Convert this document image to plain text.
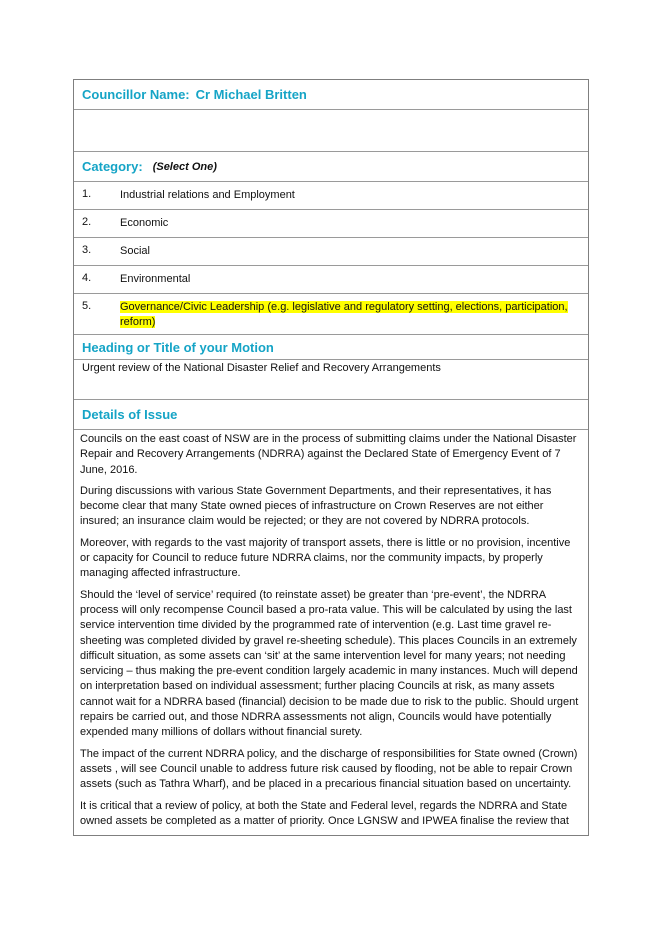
Councillor Name: Cr Michael Britten
Category: (Select One)
1.	Industrial relations and Employment
2.	Economic
3.	Social
4.	Environmental
5.	Governance/Civic Leadership (e.g. legislative and regulatory setting, elections, participation, reform)
Heading or Title of your Motion
Urgent review of the National Disaster Relief and Recovery Arrangements
Details of Issue

Councils on the east coast of NSW are in the process of submitting claims under the National Disaster Repair and Recovery Arrangements (NDRRA) against the Declared State of Emergency Event of 7 June, 2016.

During discussions with various State Government Departments, and their representatives, it has become clear that many State owned pieces of infrastructure on Crown Reserves are not either insured; an insurance claim would be rejected; or they are not covered by NDRRA protocols.

Moreover, with regards to the vast majority of transport assets, there is little or no provision, incentive or capacity for Council to reduce future NDRRA claims, nor the community impacts, by properly managing affected infrastructure.

Should the ‘level of service’ required (to reinstate asset) be greater than ‘pre-event’, the NDRRA process will only recompense Council based a pro-rata value. This will be calculated by using the last service intervention time divided by the programmed rate of intervention (e.g. Last time gravel re-sheeting was completed divided by gravel re-sheeting schedule). This places Councils in an extremely difficult situation, as some assets can ‘sit’ at the same intervention level for many years; not needing servicing – thus making the pre-event condition largely academic in many instances. Much will depend on interpretation based on individual assessment; further placing Councils at risk, as many assets cannot wait for a NDRRA based (financial) decision to be made due to risk to the public. Should urgent repairs be carried out, and those NDRRA assessments not align, Councils would have potentially expended many millions of dollars without financial surety.

The impact of the current NDRRA policy, and the discharge of responsibilities for State owned (Crown) assets , will see Council unable to address future risk caused by flooding, not be able to repair Crown assets (such as Tathra Wharf), and be placed in a precarious financial situation based on uncertainty.

It is critical that a review of policy, at both the State and Federal level, regards the NDRRA and State owned assets be completed as a matter of priority. Once LGNSW and IPWEA finalise the review that
